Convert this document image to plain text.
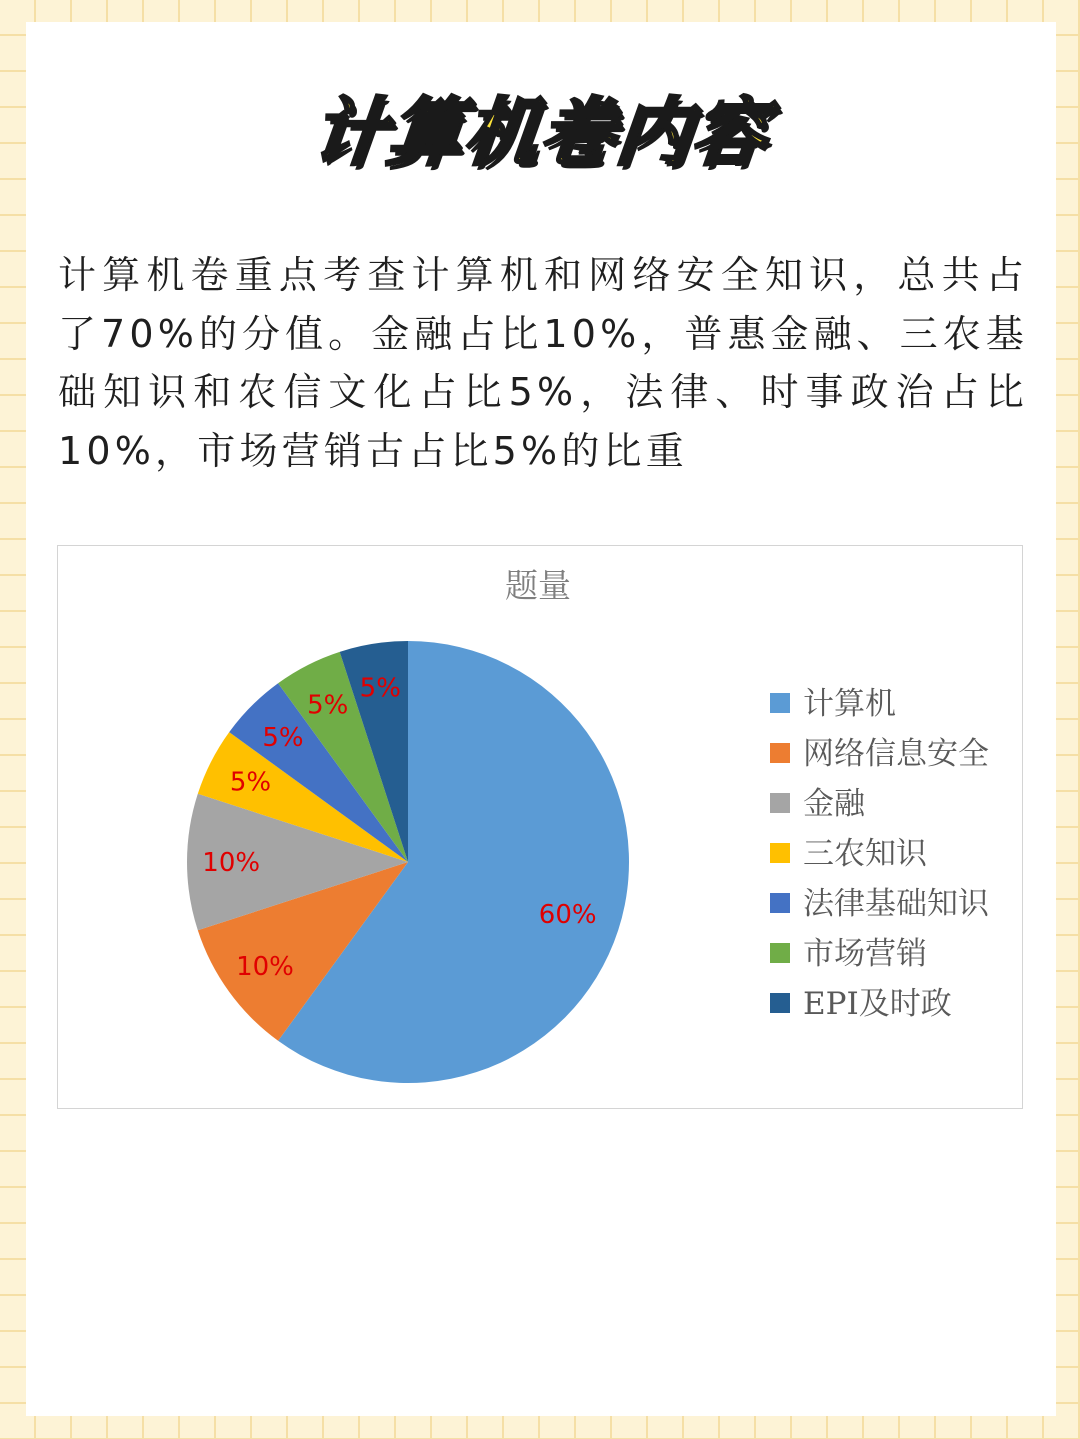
计算机卷内容

计算机卷重点考查计算机和网络安全知识，总共占了70%的分值。金融占比10%，普惠金融、三农基础知识和农信文化占比5%，法律、时事政治占比10%，市场营销古占比5%的比重

题量
60%
10%
10%
5%
5%
5%
5%	计算机
网络信息安全
金融
三农知识
法律基础知识
市场营销
EPI及时政
